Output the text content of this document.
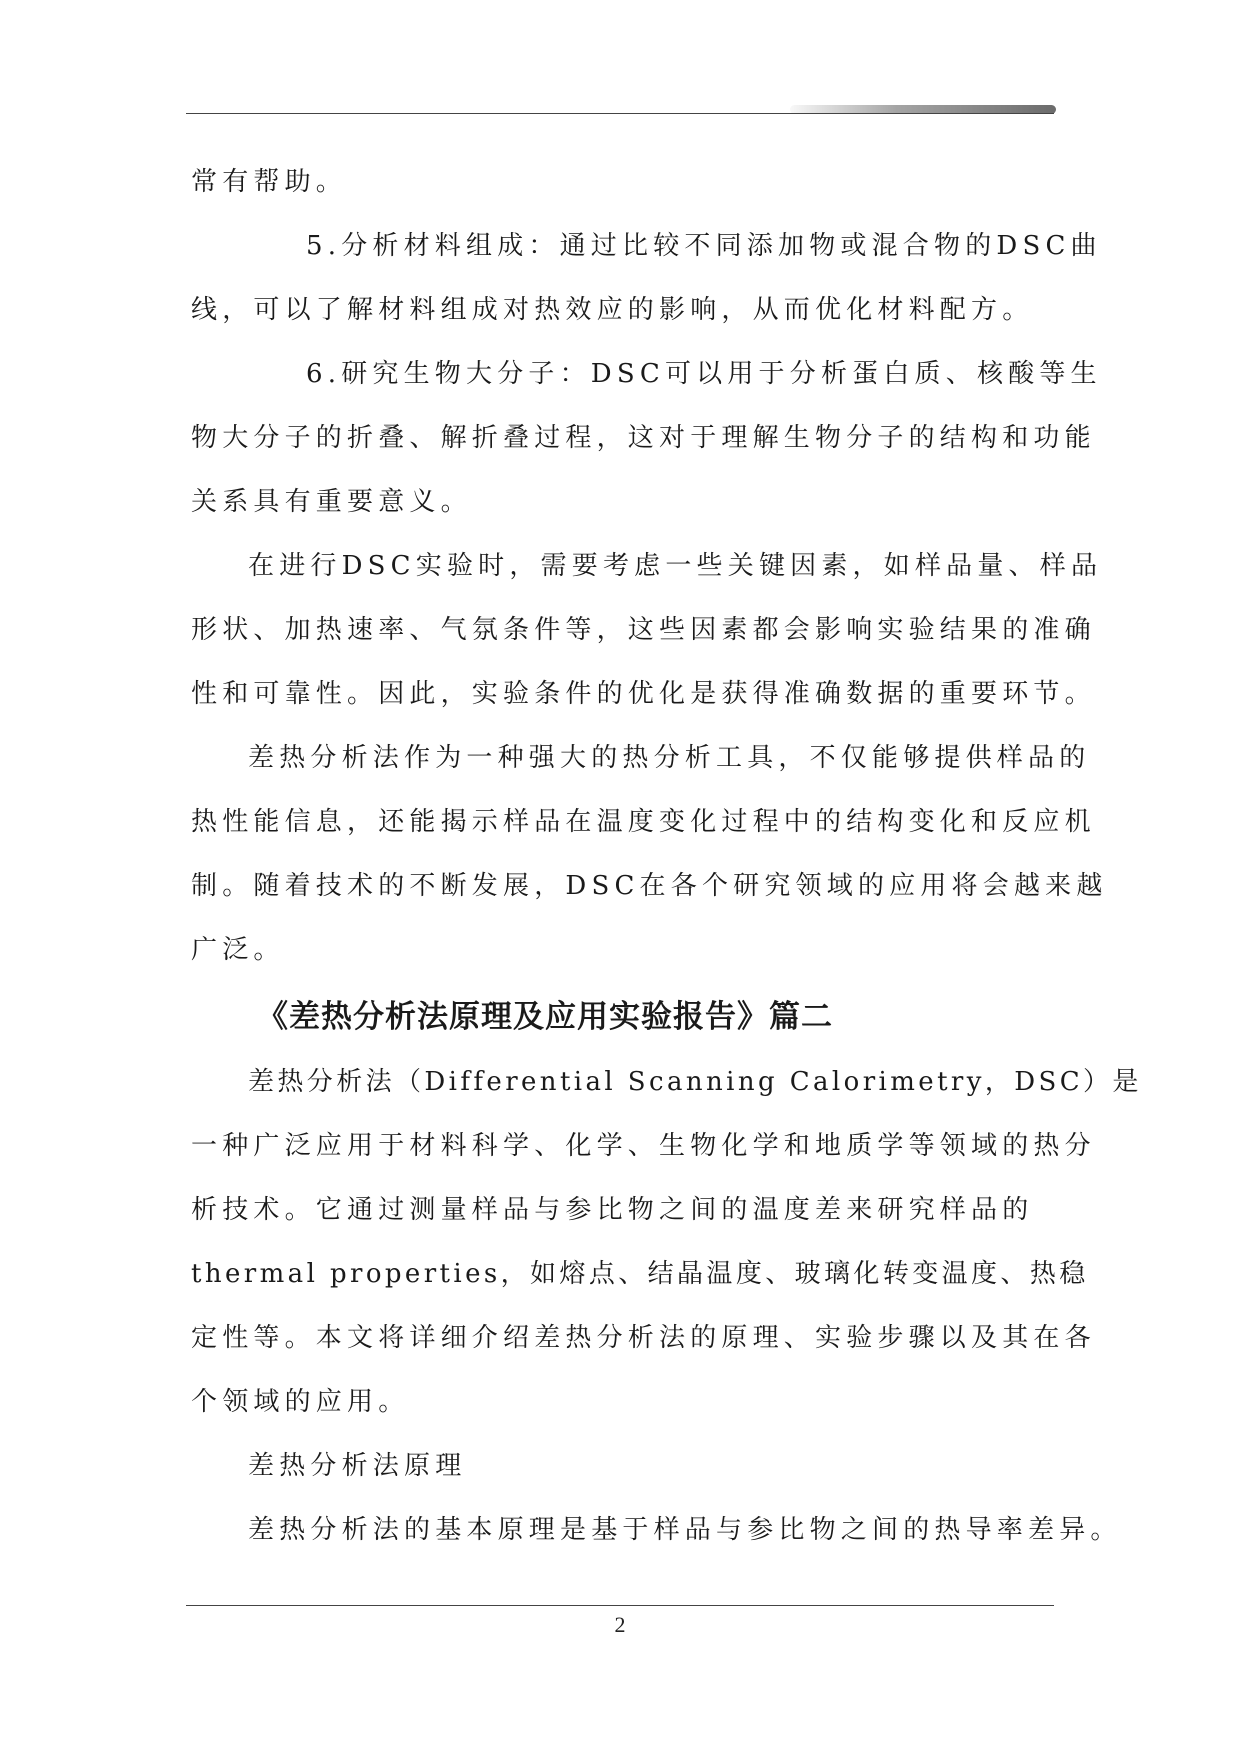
常有帮助。
5.分析材料组成：通过比较不同添加物或混合物的DSC曲
线，可以了解材料组成对热效应的影响，从而优化材料配方。
6.研究生物大分子：DSC可以用于分析蛋白质、核酸等生
物大分子的折叠、解折叠过程，这对于理解生物分子的结构和功能
关系具有重要意义。
在进行DSC实验时，需要考虑一些关键因素，如样品量、样品
形状、加热速率、气氛条件等，这些因素都会影响实验结果的准确
性和可靠性。因此，实验条件的优化是获得准确数据的重要环节。
差热分析法作为一种强大的热分析工具，不仅能够提供样品的
热性能信息，还能揭示样品在温度变化过程中的结构变化和反应机
制。随着技术的不断发展，DSC在各个研究领域的应用将会越来越
广泛。
《差热分析法原理及应用实验报告》篇二
差热分析法（Differential Scanning Calorimetry，DSC）是
一种广泛应用于材料科学、化学、生物化学和地质学等领域的热分
析技术。它通过测量样品与参比物之间的温度差来研究样品的
thermal properties，如熔点、结晶温度、玻璃化转变温度、热稳
定性等。本文将详细介绍差热分析法的原理、实验步骤以及其在各
个领域的应用。
差热分析法原理
差热分析法的基本原理是基于样品与参比物之间的热导率差异。
2
